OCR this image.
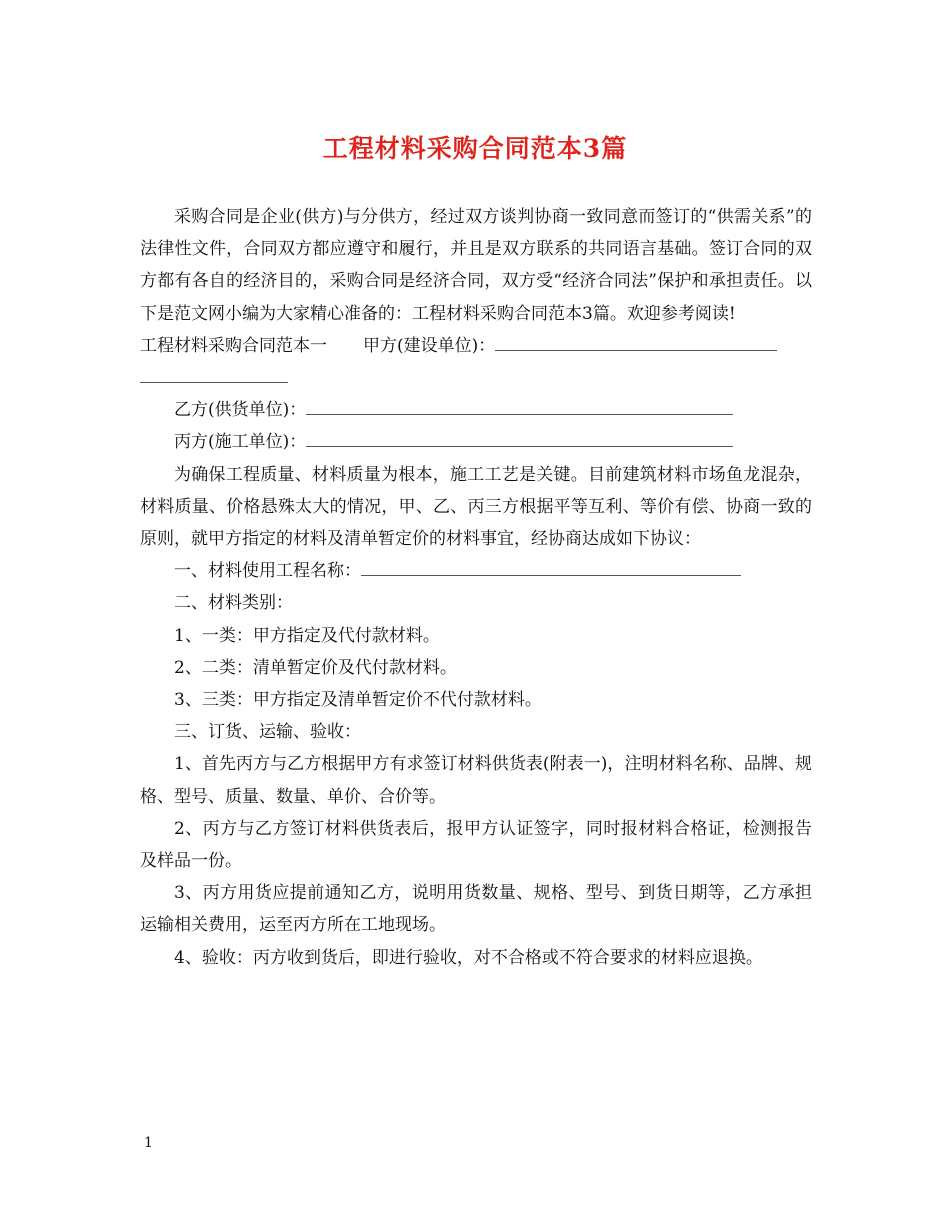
工程材料采购合同范本3篇

采购合同是企业(供方)与分供方，经过双方谈判协商一致同意而签订的“供需关系”的法律性文件，合同双方都应遵守和履行，并且是双方联系的共同语言基础。签订合同的双方都有各自的经济目的，采购合同是经济合同，双方受“经济合同法”保护和承担责任。以下是范文网小编为大家精心准备的：工程材料采购合同范本3篇。欢迎参考阅读!

工程材料采购合同范本一 甲方(建设单位)：
乙方(供货单位)：
丙方(施工单位)：

为确保工程质量、材料质量为根本，施工工艺是关键。目前建筑材料市场鱼龙混杂，材料质量、价格悬殊太大的情况，甲、乙、丙三方根据平等互利、等价有偿、协商一致的原则，就甲方指定的材料及清单暂定价的材料事宜，经协商达成如下协议：

一、材料使用工程名称：

二、材料类别：

1、一类：甲方指定及代付款材料。

2、二类：清单暂定价及代付款材料。

3、三类：甲方指定及清单暂定价不代付款材料。

三、订货、运输、验收：

1、首先丙方与乙方根据甲方有求签订材料供货表(附表一)，注明材料名称、品牌、规格、型号、质量、数量、单价、合价等。

2、丙方与乙方签订材料供货表后，报甲方认证签字，同时报材料合格证，检测报告及样品一份。

3、丙方用货应提前通知乙方，说明用货数量、规格、型号、到货日期等，乙方承担运输相关费用，运至丙方所在工地现场。

4、验收：丙方收到货后，即进行验收，对不合格或不符合要求的材料应退换。

1
